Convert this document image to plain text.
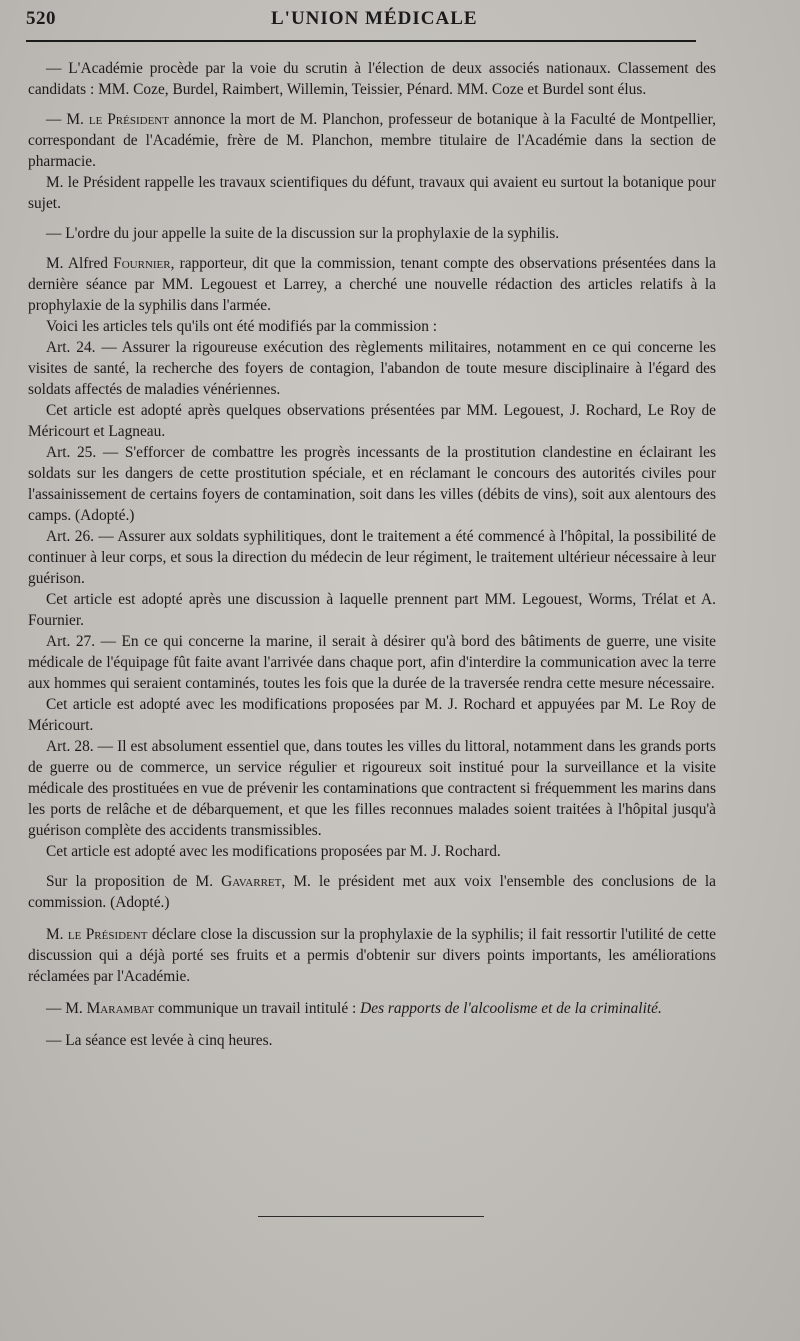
520	L'UNION MÉDICALE

— L'Académie procède par la voie du scrutin à l'élection de deux associés nationaux. Classement des candidats : MM. Coze, Burdel, Raimbert, Willemin, Teissier, Pénard. MM. Coze et Burdel sont élus.

— M. le Président annonce la mort de M. Planchon, professeur de botanique à la Faculté de Montpellier, correspondant de l'Académie, frère de M. Planchon, membre titulaire de l'Académie dans la section de pharmacie.

M. le Président rappelle les travaux scientifiques du défunt, travaux qui avaient eu surtout la botanique pour sujet.

— L'ordre du jour appelle la suite de la discussion sur la prophylaxie de la syphilis.

M. Alfred Fournier, rapporteur, dit que la commission, tenant compte des observations présentées dans la dernière séance par MM. Legouest et Larrey, a cherché une nouvelle rédaction des articles relatifs à la prophylaxie de la syphilis dans l'armée.

Voici les articles tels qu'ils ont été modifiés par la commission :

Art. 24. — Assurer la rigoureuse exécution des règlements militaires, notamment en ce qui concerne les visites de santé, la recherche des foyers de contagion, l'abandon de toute mesure disciplinaire à l'égard des soldats affectés de maladies vénériennes.

Cet article est adopté après quelques observations présentées par MM. Legouest, J. Rochard, Le Roy de Méricourt et Lagneau.

Art. 25. — S'efforcer de combattre les progrès incessants de la prostitution clandestine en éclairant les soldats sur les dangers de cette prostitution spéciale, et en réclamant le concours des autorités civiles pour l'assainissement de certains foyers de contamination, soit dans les villes (débits de vins), soit aux alentours des camps. (Adopté.)

Art. 26. — Assurer aux soldats syphilitiques, dont le traitement a été commencé à l'hôpital, la possibilité de continuer à leur corps, et sous la direction du médecin de leur régiment, le traitement ultérieur nécessaire à leur guérison.

Cet article est adopté après une discussion à laquelle prennent part MM. Legouest, Worms, Trélat et A. Fournier.

Art. 27. — En ce qui concerne la marine, il serait à désirer qu'à bord des bâtiments de guerre, une visite médicale de l'équipage fût faite avant l'arrivée dans chaque port, afin d'interdire la communication avec la terre aux hommes qui seraient contaminés, toutes les fois que la durée de la traversée rendra cette mesure nécessaire.

Cet article est adopté avec les modifications proposées par M. J. Rochard et appuyées par M. Le Roy de Méricourt.

Art. 28. — Il est absolument essentiel que, dans toutes les villes du littoral, notamment dans les grands ports de guerre ou de commerce, un service régulier et rigoureux soit institué pour la surveillance et la visite médicale des prostituées en vue de prévenir les contaminations que contractent si fréquemment les marins dans les ports de relâche et de débarquement, et que les filles reconnues malades soient traitées à l'hôpital jusqu'à guérison complète des accidents transmissibles.

Cet article est adopté avec les modifications proposées par M. J. Rochard.

Sur la proposition de M. Gavarret, M. le président met aux voix l'ensemble des conclusions de la commission. (Adopté.)

M. le Président déclare close la discussion sur la prophylaxie de la syphilis; il fait ressortir l'utilité de cette discussion qui a déjà porté ses fruits et a permis d'obtenir sur divers points importants, les améliorations réclamées par l'Académie.

— M. Marambat communique un travail intitulé : Des rapports de l'alcoolisme et de la criminalité.

— La séance est levée à cinq heures.
